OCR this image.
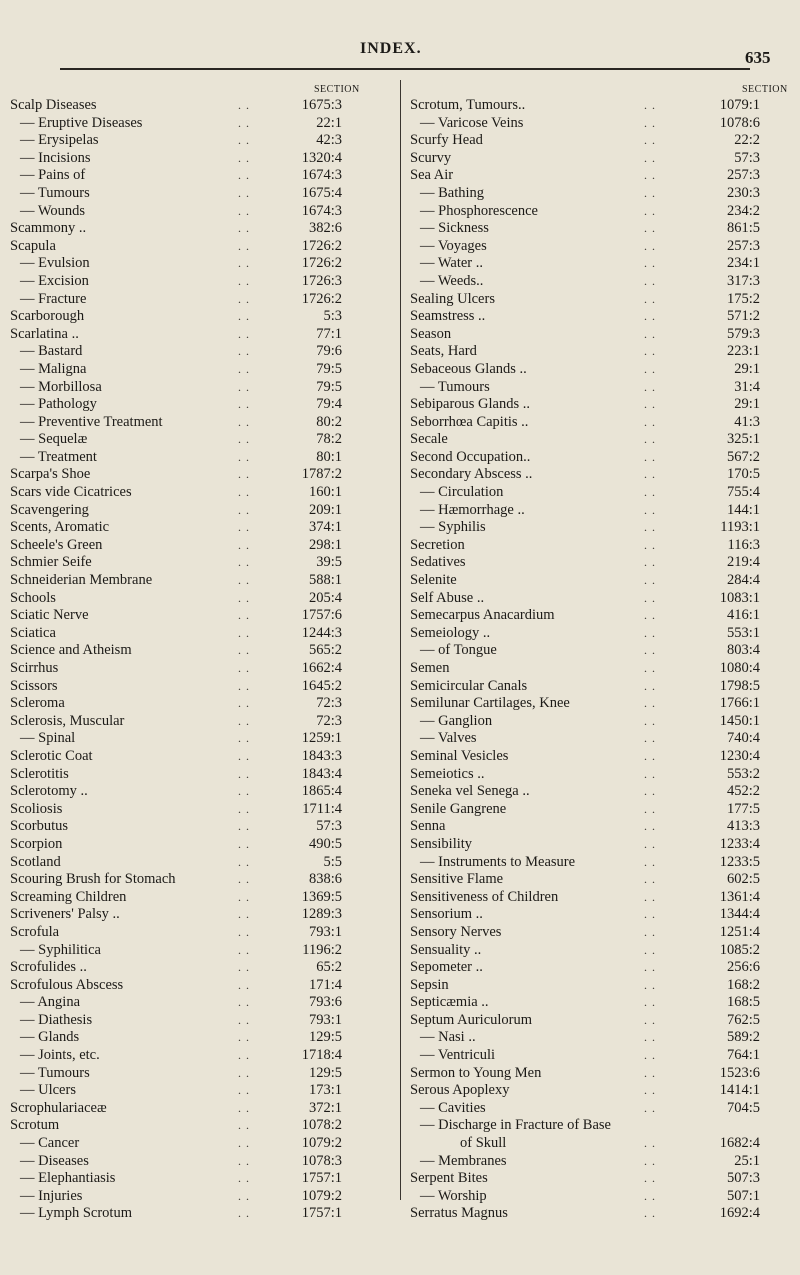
INDEX.	635
SECTION
Scalp Diseases	..	1675:3
— Eruptive Diseases	..	22:1
— Erysipelas	..	42:3
— Incisions	..	1320:4
— Pains of	..	1674:3
— Tumours	..	1675:4
— Wounds	..	1674:3
Scammony ..	..	382:6
Scapula	..	1726:2
— Evulsion	..	1726:2
— Excision	..	1726:3
— Fracture	..	1726:2
Scarborough	..	5:3
Scarlatina ..	..	77:1
— Bastard	..	79:6
— Maligna	..	79:5
— Morbillosa	..	79:5
— Pathology	..	79:4
— Preventive Treatment	..	80:2
— Sequelæ	..	78:2
— Treatment	..	80:1
Scarpa's Shoe	..	1787:2
Scars vide Cicatrices	..	160:1
Scavengering	..	209:1
Scents, Aromatic	..	374:1
Scheele's Green	..	298:1
Schmier Seife	..	39:5
Schneiderian Membrane	..	588:1
Schools	..	205:4
Sciatic Nerve	..	1757:6
Sciatica	..	1244:3
Science and Atheism	..	565:2
Scirrhus	..	1662:4
Scissors	..	1645:2
Scleroma	..	72:3
Sclerosis, Muscular	..	72:3
— Spinal	..	1259:1
Sclerotic Coat	..	1843:3
Sclerotitis	..	1843:4
Sclerotomy ..	..	1865:4
Scoliosis	..	1711:4
Scorbutus	..	57:3
Scorpion	..	490:5
Scotland	..	5:5
Scouring Brush for Stomach	..	838:6
Screaming Children	..	1369:5
Scriveners' Palsy ..	..	1289:3
Scrofula	..	793:1
— Syphilitica	..	1196:2
Scrofulides ..	..	65:2
Scrofulous Abscess	..	171:4
— Angina	..	793:6
— Diathesis	..	793:1
— Glands	..	129:5
— Joints, etc.	..	1718:4
— Tumours	..	129:5
— Ulcers	..	173:1
Scrophulariaceæ	..	372:1
Scrotum	..	1078:2
— Cancer	..	1079:2
— Diseases	..	1078:3
— Elephantiasis	..	1757:1
— Injuries	..	1079:2
— Lymph Scrotum	..	1757:1
SECTION
Scrotum, Tumours..	..	1079:1
— Varicose Veins	..	1078:6
Scurfy Head	..	22:2
Scurvy	..	57:3
Sea Air	..	257:3
— Bathing	..	230:3
— Phosphorescence	..	234:2
— Sickness	..	861:5
— Voyages	..	257:3
— Water ..	..	234:1
— Weeds..	..	317:3
Sealing Ulcers	..	175:2
Seamstress ..	..	571:2
Season	..	579:3
Seats, Hard	..	223:1
Sebaceous Glands ..	..	29:1
— Tumours	..	31:4
Sebiparous Glands ..	..	29:1
Seborrhœa Capitis ..	..	41:3
Secale	..	325:1
Second Occupation..	..	567:2
Secondary Abscess ..	..	170:5
— Circulation	..	755:4
— Hæmorrhage ..	..	144:1
— Syphilis	..	1193:1
Secretion	..	116:3
Sedatives	..	219:4
Selenite	..	284:4
Self Abuse ..	..	1083:1
Semecarpus Anacardium	..	416:1
Semeiology ..	..	553:1
— of Tongue	..	803:4
Semen	..	1080:4
Semicircular Canals	..	1798:5
Semilunar Cartilages, Knee	..	1766:1
— Ganglion	..	1450:1
— Valves	..	740:4
Seminal Vesicles	..	1230:4
Semeiotics ..	..	553:2
Seneka vel Senega ..	..	452:2
Senile Gangrene	..	177:5
Senna	..	413:3
Sensibility	..	1233:4
— Instruments to Measure	..	1233:5
Sensitive Flame	..	602:5
Sensitiveness of Children	..	1361:4
Sensorium ..	..	1344:4
Sensory Nerves	..	1251:4
Sensuality ..	..	1085:2
Sepometer ..	..	256:6
Sepsin	..	168:2
Septicæmia ..	..	168:5
Septum Auriculorum	..	762:5
— Nasi ..	..	589:2
— Ventriculi	..	764:1
Sermon to Young Men	..	1523:6
Serous Apoplexy	..	1414:1
— Cavities	..	704:5
— Discharge in Fracture of Base
of Skull	..	1682:4
— Membranes	..	25:1
Serpent Bites	..	507:3
— Worship	..	507:1
Serratus Magnus	..	1692:4
